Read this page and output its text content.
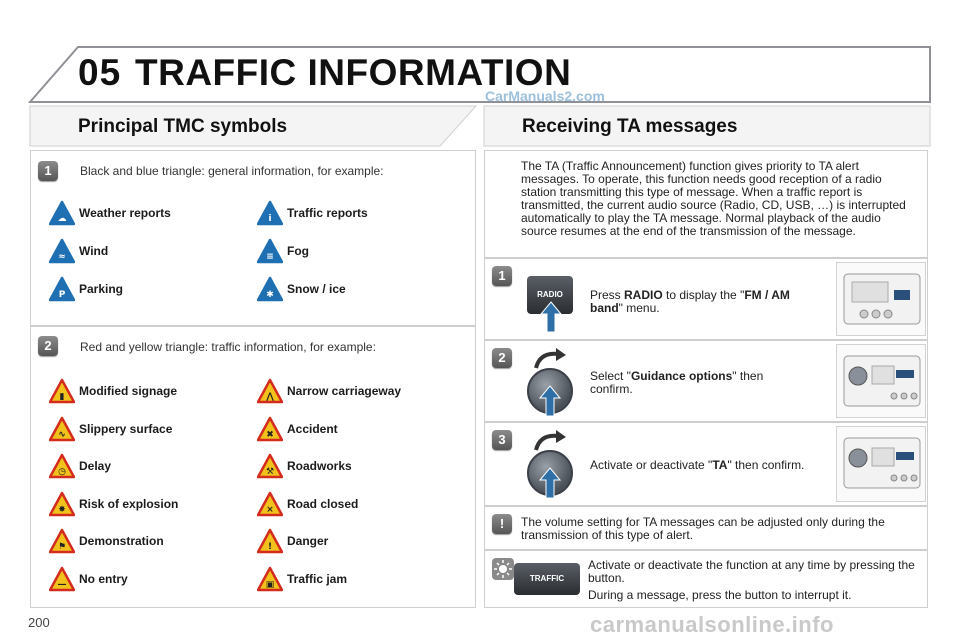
05 TRAFFIC INFORMATION
CarManuals2.com
Principal TMC symbols	Receiving TA messages
1	Black and blue triangle: general information, for example:
☁ Weather reports	i Traffic reports
≈ Wind	≡ Fog
P Parking	✱ Snow / ice
2	Red and yellow triangle: traffic information, for example:
▮ Modified signage	⋀ Narrow carriageway
∿ Slippery surface	✖ Accident
◷ Delay	⚒ Roadworks
✸ Risk of explosion	⨯ Road closed
⚑ Demonstration	! Danger
— No entry	▣ Traffic jam
The TA (Traffic Announcement) function gives priority to TA alert messages. To operate, this function needs good reception of a radio station transmitting this type of message. When a traffic report is transmitted, the current audio source (Radio, CD, USB, …) is interrupted automatically to play the TA message. Normal playback of the audio source resumes at the end of the transmission of the message.
1
RADIO	Press RADIO to display the "FM / AM band" menu.
2
Select "Guidance options" then confirm.
3
Activate or deactivate "TA" then confirm.
!	The volume setting for TA messages can be adjusted only during the transmission of this type of alert.
TRAFFIC
Activate or deactivate the function at any time by pressing the button.
During a message, press the button to interrupt it.
200	carmanualsonline.info
